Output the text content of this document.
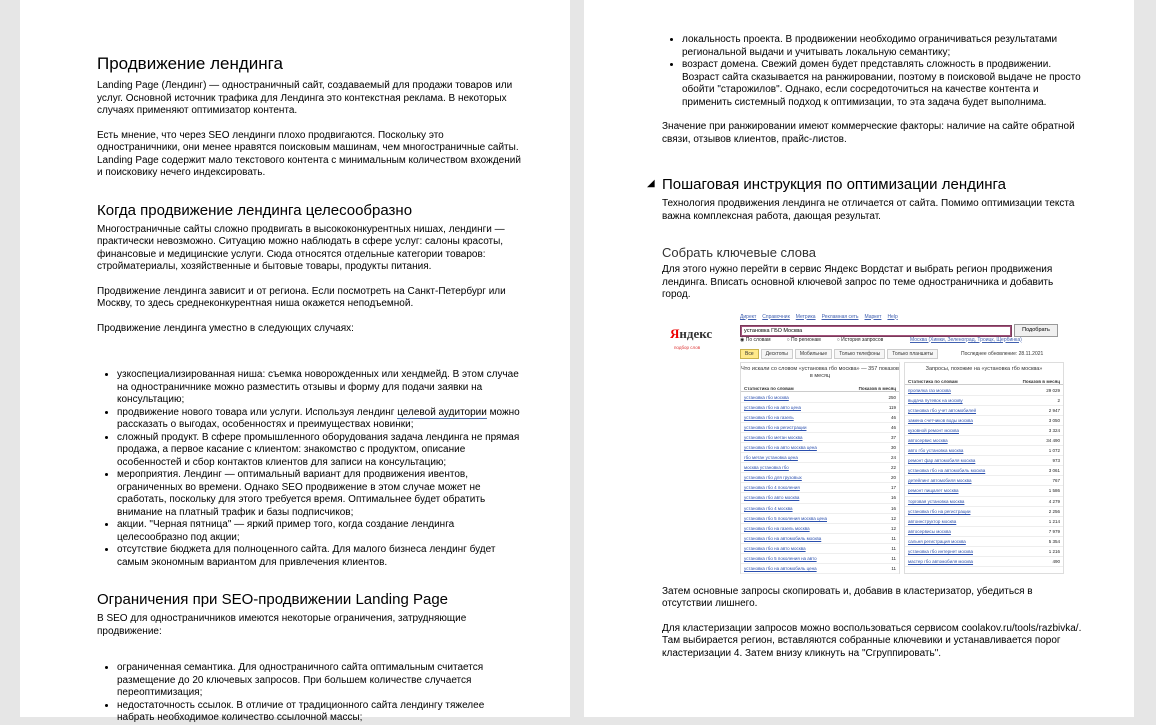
Продвижение лендинга

Landing Page (Лендинг) — одностраничный сайт, создаваемый для продажи товаров или услуг. Основной источник трафика для Лендинга это контекстная реклама. В некоторых случаях применяют оптимизатор контента.

Есть мнение, что через SEO лендинги плохо продвигаются. Поскольку это одностраничники, они менее нравятся поисковым машинам, чем многостраничные сайты. Landing Page содержит мало текстового контента с минимальным количеством вхождений и поисковику нечего индексировать.

Когда продвижение лендинга целесообразно

Многостраничные сайты сложно продвигать в высококонкурентных нишах, лендинги — практически невозможно. Ситуацию можно наблюдать в сфере услуг: салоны красоты, финансовые и медицинские услуги. Сюда относятся отдельные категории товаров: стройматериалы, хозяйственные и бытовые товары, продукты питания.

Продвижение лендинга зависит и от региона. Если посмотреть на Санкт-Петербург или Москву, то здесь среднеконкурентная ниша окажется неподъемной.

Продвижение лендинга уместно в следующих случаях:

• узкоспециализированная ниша: съемка новорожденных или хендмейд. В этом случае на одностраничнике можно разместить отзывы и форму для подачи заявки на консультацию;
• продвижение нового товара или услуги. Используя лендинг целевой аудитории можно рассказать о выгодах, особенностях и преимуществах новинки;
• сложный продукт. В сфере промышленного оборудования задача лендинга не прямая продажа, а первое касание с клиентом: знакомство с продуктом, описание особенностей и сбор контактов клиентов для записи на консультацию;
• мероприятия. Лендинг — оптимальный вариант для продвижения ивентов, ограниченных во времени. Однако SEO продвижение в этом случае может не сработать, поскольку для этого требуется время. Оптимальнее будет обратить внимание на платный трафик и базы подписчиков;
• акции. "Черная пятница" — яркий пример того, когда создание лендинга целесообразно под акции;
• отсутствие бюджета для полноценного сайта. Для малого бизнеса лендинг будет самым экономным вариантом для привлечения клиентов.
Ограничения при SEO-продвижении Landing Page

В SEO для одностраничников имеются некоторые ограничения, затрудняющие продвижение:

• ограниченная семантика. Для одностраничного сайта оптимальным считается размещение до 20 ключевых запросов. При большем количестве случается переоптимизация;
• недостаточность ссылок. В отличие от традиционного сайта лендингу тяжелее набрать необходимое количество ссылочной массы;
• локальность проекта. В продвижении необходимо ограничиваться результатами региональной выдачи и учитывать локальную семантику;
• возраст домена. Свежий домен будет представлять сложность в продвижении. Возраст сайта сказывается на ранжировании, поэтому в поисковой выдаче не просто обойти "старожилов". Однако, если сосредоточиться на качестве контента и применить системный подход к оптимизации, то эта задача будет выполнима.

Значение при ранжировании имеют коммерческие факторы: наличие на сайте обратной связи, отзывов клиентов, прайс-листов.

◢ Пошаговая инструкция по оптимизации лендинга

Технология продвижения лендинга не отличается от сайта. Помимо оптимизации текста важна комплексная работа, дающая результат.

Собрать ключевые слова

Для этого нужно перейти в сервис Яндекс Вордстат и выбрать регион продвижения лендинга. Вписать основной ключевой запрос по теме одностраничника и добавить город.

Яндекс
подбор слов
Директ Справочник Метрика Рекламная сеть Маркет Help
установка ГБО Москва	Подобрать
◉ По словам	○ По регионам	○ История запросов	Москва (Химки, Зеленоград, Троицк, Щербинка)
Все Десктопы Мобильные Только телефоны Только планшеты	Последнее обновление: 28.11.2021
Что искали со словом «установка гбо москва» — 357 показов в месяц
Статистика по словам	Показов в месяц
установка гбо москва	250
установка гбо на авто цена	119
установка гбо на газель	46
установка гбо на регистрации	46
установка гбо метан москва	37
установка гбо на авто москва цена	30
гбо метан установка цена	24
москва установка гбо	22
установка гбо для грузовых	20
установка гбо 4 поколения	17
установка гбо авто москва	16
установка гбо 4 москва	16
установка гбо 5 поколения москва цена	12
установка гбо на газель москва	12
установка гбо на автомобиль москва	11
установка гбо на авто москва	11
установка гбо 5 поколения на авто	11
установка гбо на автомобиль цена	11
Запросы, похожие на «установка гбо москва»
Статистика по словам	Показов в месяц
пропилка газ москва	29 029
выдача путевок на москву	2
установка гбо учет автомобилей	2 947
замена счетчиков воды москва	3 050
кузовной ремонт москва	3 324
автосервис москва	34 490
авто гбо установка москва	1 072
ремонт фар автомобиля москва	973
установка гбо на автомобиль москва	3 061
детейлинг автомобиля москва	767
ремонт пищалет москва	1 586
торговая установка москва	4 279
установка гбо на регистрации	2 256
автоинструктор москва	1 214
автосервисы москва	7 979
сальня регистрация москва	5 354
установка гбо интернет москва	1 216
мастер гбо автомобиля москва	490

Затем основные запросы скопировать и, добавив в кластеризатор, убедиться в отсутствии лишнего.

Для кластеризации запросов можно воспользоваться сервисом coolakov.ru/tools/razbivka/. Там выбирается регион, вставляются собранные ключевики и устанавливается порог кластеризации 4. Затем внизу кликнуть на "Сгруппировать".
